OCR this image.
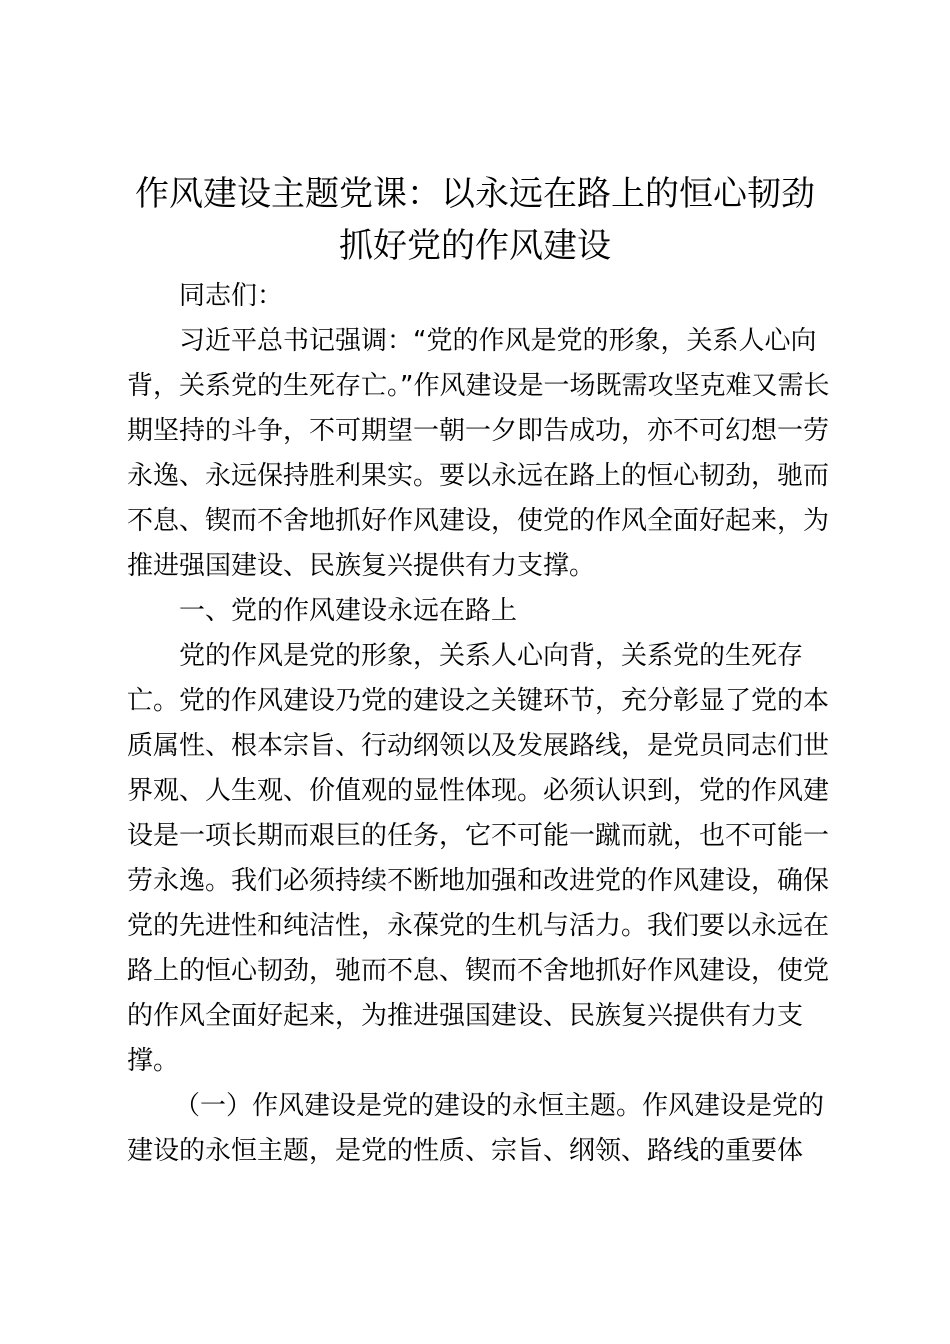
作风建设主题党课：以永远在路上的恒心韧劲
抓好党的作风建设

同志们：

习近平总书记强调：“党的作风是党的形象，关系人心向

背，关系党的生死存亡。”作风建设是一场既需攻坚克难又需长

期坚持的斗争，不可期望一朝一夕即告成功，亦不可幻想一劳

永逸、永远保持胜利果实。要以永远在路上的恒心韧劲，驰而

不息、锲而不舍地抓好作风建设，使党的作风全面好起来，为

推进强国建设、民族复兴提供有力支撑。

一、党的作风建设永远在路上

党的作风是党的形象，关系人心向背，关系党的生死存

亡。党的作风建设乃党的建设之关键环节，充分彰显了党的本

质属性、根本宗旨、行动纲领以及发展路线，是党员同志们世

界观、人生观、价值观的显性体现。必须认识到，党的作风建

设是一项长期而艰巨的任务，它不可能一蹴而就，也不可能一

劳永逸。我们必须持续不断地加强和改进党的作风建设，确保

党的先进性和纯洁性，永葆党的生机与活力。我们要以永远在

路上的恒心韧劲，驰而不息、锲而不舍地抓好作风建设，使党

的作风全面好起来，为推进强国建设、民族复兴提供有力支

撑。

（一）作风建设是党的建设的永恒主题。作风建设是党的

建设的永恒主题，是党的性质、宗旨、纲领、路线的重要体
